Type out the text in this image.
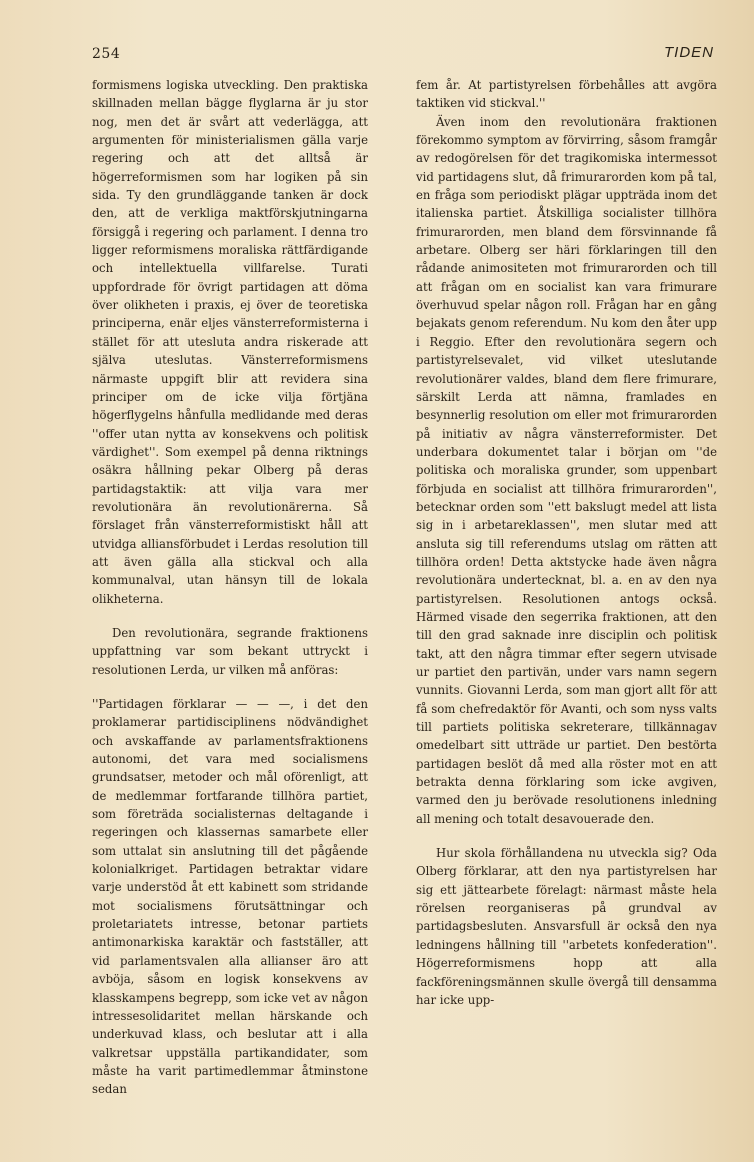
254	TIDEN

formismens logiska utveckling. Den praktiska skillnaden mellan bägge flyglarna är ju stor nog, men det är svårt att vederlägga, att argumenten för ministerialismen gälla varje regering och att det alltså är högerreformismen som har logiken på sin sida. Ty den grundläggande tanken är dock den, att de verkliga maktförskjutningarna försiggå i regering och parlament. I denna tro ligger reformismens moraliska rättfärdigande och intellektuella villfarelse. Turati uppfordrade för övrigt partidagen att döma över olikheten i praxis, ej över de teoretiska principerna, enär eljes vänsterreformisterna i stället för att utesluta andra riskerade att själva uteslutas. Vänsterreformismens närmaste uppgift blir att revidera sina principer om de icke vilja förtjäna högerflygelns hånfulla medlidande med deras ''offer utan nytta av konsekvens och politisk värdighet''. Som exempel på denna riktnings osäkra hållning pekar Olberg på deras partidagstaktik: att vilja vara mer revolutionära än revolutionärerna. Så förslaget från vänsterreformistiskt håll att utvidga alliansförbudet i Lerdas resolution till att även gälla alla stickval och alla kommunalval, utan hänsyn till de lokala olikheterna.

Den revolutionära, segrande fraktionens uppfattning var som bekant uttryckt i resolutionen Lerda, ur vilken må anföras:

''Partidagen förklarar — — —, i det den proklamerar partidisciplinens nödvändighet och avskaffande av parlamentsfraktionens autonomi, det vara med socialismens grundsatser, metoder och mål oförenligt, att de medlemmar fortfarande tillhöra partiet, som företräda socialisternas deltagande i regeringen och klassernas samarbete eller som uttalat sin anslutning till det pågående kolonialkriget. Partidagen betraktar vidare varje understöd åt ett kabinett som stridande mot socialismens förutsättningar och proletariatets intresse, betonar partiets antimonarkiska karaktär och fastställer, att vid parlamentsvalen alla allianser äro att avböja, såsom en logisk konsekvens av klasskampens begrepp, som icke vet av någon intressesolidaritet mellan härskande och underkuvad klass, och beslutar att i alla valkretsar uppställa partikandidater, som måste ha varit partimedlemmar åtminstone sedan

fem år. At partistyrelsen förbehålles att avgöra taktiken vid stickval.''

Även inom den revolutionära fraktionen förekommo symptom av förvirring, såsom framgår av redogörelsen för det tragikomiska intermessot vid partidagens slut, då frimurarorden kom på tal, en fråga som periodiskt plägar uppträda inom det italienska partiet. Åtskilliga socialister tillhöra frimurarorden, men bland dem försvinnande få arbetare. Olberg ser häri förklaringen till den rådande animositeten mot frimurarorden och till att frågan om en socialist kan vara frimurare överhuvud spelar någon roll. Frågan har en gång bejakats genom referendum. Nu kom den åter upp i Reggio. Efter den revolutionära segern och partistyrelsevalet, vid vilket uteslutande revolutionärer valdes, bland dem flere frimurare, särskilt Lerda att nämna, framlades en besynnerlig resolution om eller mot frimurarorden på initiativ av några vänsterreformister. Det underbara dokumentet talar i början om ''de politiska och moraliska grunder, som uppenbart förbjuda en socialist att tillhöra frimurarorden'', betecknar orden som ''ett bakslugt medel att lista sig in i arbetareklassen'', men slutar med att ansluta sig till referendums utslag om rätten att tillhöra orden! Detta aktstycke hade även några revolutionära undertecknat, bl. a. en av den nya partistyrelsen. Resolutionen antogs också. Härmed visade den segerrika fraktionen, att den till den grad saknade inre disciplin och politisk takt, att den några timmar efter segern utvisade ur partiet den partivän, under vars namn segern vunnits. Giovanni Lerda, som man gjort allt för att få som chefredaktör för Avanti, och som nyss valts till partiets politiska sekreterare, tillkännagav omedelbart sitt utträde ur partiet. Den bestörta partidagen beslöt då med alla röster mot en att betrakta denna förklaring som icke avgiven, varmed den ju berövade resolutionens inledning all mening och totalt desavouerade den.

Hur skola förhållandena nu utveckla sig? Oda Olberg förklarar, att den nya partistyrelsen har sig ett jättearbete förelagt: närmast måste hela rörelsen reorganiseras på grundval av partidagsbesluten. Ansvarsfull är också den nya ledningens hållning till ''arbetets konfederation''. Högerreformismens hopp att alla fackföreningsmännen skulle övergå till densamma har icke upp-
